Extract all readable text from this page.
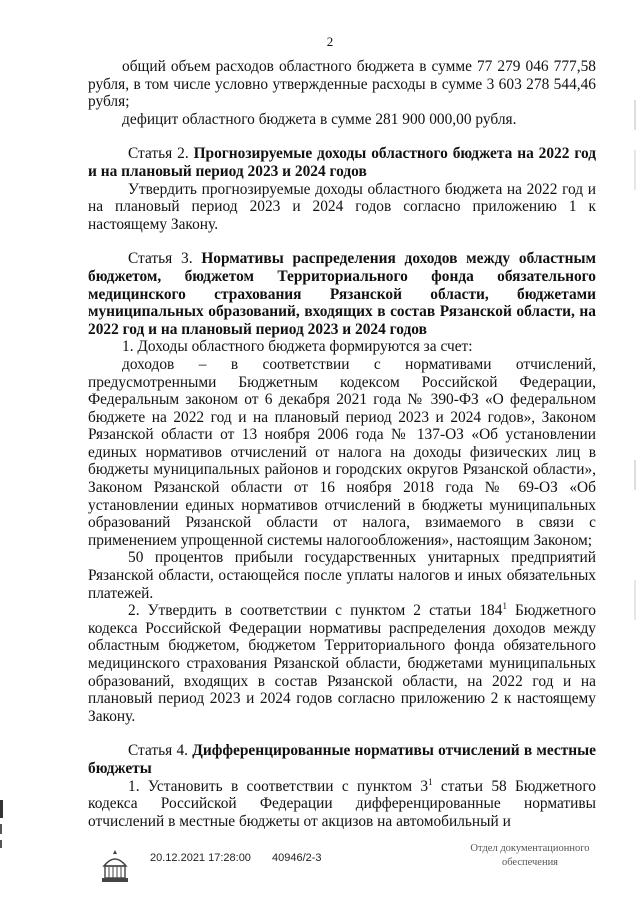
2

общий объем расходов областного бюджета в сумме 77 279 046 777,58 рубля, в том числе условно утвержденные расходы в сумме 3 603 278 544,46 рубля;

дефицит областного бюджета в сумме 281 900 000,00 рубля.

Статья 2. Прогнозируемые доходы областного бюджета на 2022 год и на плановый период 2023 и 2024 годов

Утвердить прогнозируемые доходы областного бюджета на 2022 год и на плановый период 2023 и 2024 годов согласно приложению 1 к настоящему Закону.

Статья 3. Нормативы распределения доходов между областным бюджетом, бюджетом Территориального фонда обязательного медицинского страхования Рязанской области, бюджетами муниципальных образований, входящих в состав Рязанской области, на 2022 год и на плановый период 2023 и 2024 годов

1. Доходы областного бюджета формируются за счет:

доходов – в соответствии с нормативами отчислений, предусмотренными Бюджетным кодексом Российской Федерации, Федеральным законом от 6 декабря 2021 года № 390-ФЗ «О федеральном бюджете на 2022 год и на плановый период 2023 и 2024 годов», Законом Рязанской области от 13 ноября 2006 года № 137-ОЗ «Об установлении единых нормативов отчислений от налога на доходы физических лиц в бюджеты муниципальных районов и городских округов Рязанской области», Законом Рязанской области от 16 ноября 2018 года № 69-ОЗ «Об установлении единых нормативов отчислений в бюджеты муниципальных образований Рязанской области от налога, взимаемого в связи с применением упрощенной системы налогообложения», настоящим Законом;

50 процентов прибыли государственных унитарных предприятий Рязанской области, остающейся после уплаты налогов и иных обязательных платежей.

2. Утвердить в соответствии с пунктом 2 статьи $184^1$ Бюджетного кодекса Российской Федерации нормативы распределения доходов между областным бюджетом, бюджетом Территориального фонда обязательного медицинского страхования Рязанской области, бюджетами муниципальных образований, входящих в состав Рязанской области, на 2022 год и на плановый период 2023 и 2024 годов согласно приложению 2 к настоящему Закону.

Статья 4. Дифференцированные нормативы отчислений в местные бюджеты

1. Установить в соответствии с пунктом $3^1$ статьи 58 Бюджетного кодекса Российской Федерации дифференцированные нормативы отчислений в местные бюджеты от акцизов на автомобильный и

20.12.2021 17:28:00 40946/2-3
Отдел документационного
обеспечения
